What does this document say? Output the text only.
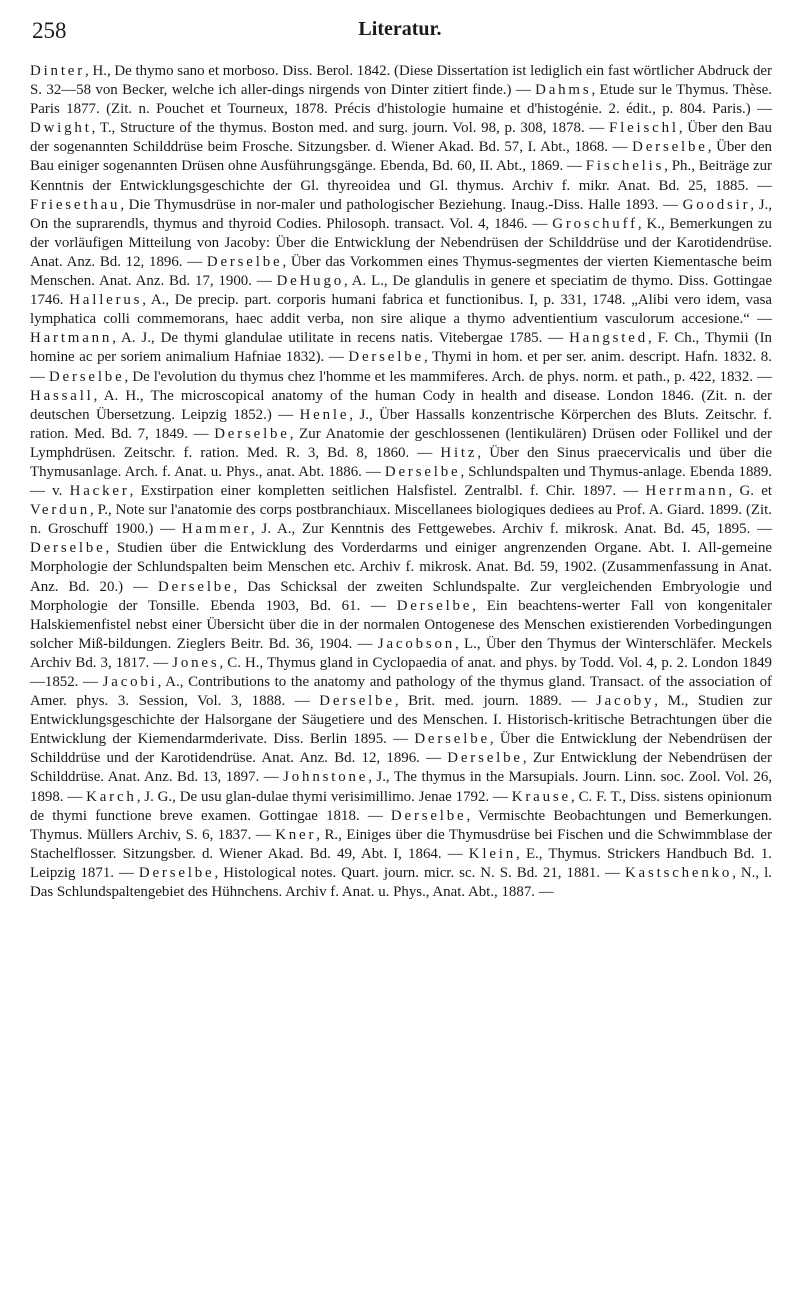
258	Literatur.
Dinter, H., De thymo sano et morboso. Diss. Berol. 1842. (Diese Dissertation ist lediglich ein fast wörtlicher Abdruck der S. 32—58 von Becker, welche ich aller-dings nirgends von Dinter zitiert finde.) — Dahms, Etude sur le Thymus. Thèse. Paris 1877. (Zit. n. Pouchet et Tourneux, 1878. Précis d'histologie humaine et d'histogénie. 2. édit., p. 804. Paris.) — Dwight, T., Structure of the thymus. Boston med. and surg. journ. Vol. 98, p. 308, 1878. — Fleischl, Über den Bau der sogenannten Schilddrüse beim Frosche. Sitzungsber. d. Wiener Akad. Bd. 57, I. Abt., 1868. — Derselbe, Über den Bau einiger sogenannten Drüsen ohne Ausführungsgänge. Ebenda, Bd. 60, II. Abt., 1869. — Fischelis, Ph., Beiträge zur Kenntnis der Entwicklungsgeschichte der Gl. thyreoidea und Gl. thymus. Archiv f. mikr. Anat. Bd. 25, 1885. — Friesethau, Die Thymusdrüse in nor-maler und pathologischer Beziehung. Inaug.-Diss. Halle 1893. — Goodsir, J., On the suprarendls, thymus and thyroid Codies. Philosoph. transact. Vol. 4, 1846. — Groschuff, K., Bemerkungen zu der vorläufigen Mitteilung von Jacoby: Über die Entwicklung der Nebendrüsen der Schilddrüse und der Karotidendrüse. Anat. Anz. Bd. 12, 1896. — Derselbe, Über das Vorkommen eines Thymus-segmentes der vierten Kiementasche beim Menschen. Anat. Anz. Bd. 17, 1900. — DeHugo, A. L., De glandulis in genere et speciatim de thymo. Diss. Gottingae 1746. Hallerus, A., De precip. part. corporis humani fabrica et functionibus. I, p. 331, 1748. „Alibi vero idem, vasa lymphatica colli commemorans, haec addit verba, non sire alique a thymo adventientium vasculorum accesione.“ — Hartmann, A. J., De thymi glandulae utilitate in recens natis. Vitebergae 1785. — Hangsted, F. Ch., Thymii (In homine ac per soriem animalium Hafniae 1832). — Derselbe, Thymi in hom. et per ser. anim. descript. Hafn. 1832. 8. — Derselbe, De l'evolution du thymus chez l'homme et les mammiferes. Arch. de phys. norm. et path., p. 422, 1832. — Hassall, A. H., The microscopical anatomy of the human Cody in health and disease. London 1846. (Zit. n. der deutschen Übersetzung. Leipzig 1852.) — Henle, J., Über Hassalls konzentrische Körperchen des Bluts. Zeitschr. f. ration. Med. Bd. 7, 1849. — Derselbe, Zur Anatomie der geschlossenen (lentikulären) Drüsen oder Follikel und der Lymphdrüsen. Zeitschr. f. ration. Med. R. 3, Bd. 8, 1860. — Hitz, Über den Sinus praecervicalis und über die Thymusanlage. Arch. f. Anat. u. Phys., anat. Abt. 1886. — Derselbe, Schlundspalten und Thymus-anlage. Ebenda 1889. — v. Hacker, Exstirpation einer kompletten seitlichen Halsfistel. Zentralbl. f. Chir. 1897. — Herrmann, G. et Verdun, P., Note sur l'anatomie des corps postbranchiaux. Miscellanees biologiques dediees au Prof. A. Giard. 1899. (Zit. n. Groschuff 1900.) — Hammer, J. A., Zur Kenntnis des Fettgewebes. Archiv f. mikrosk. Anat. Bd. 45, 1895. — Derselbe, Studien über die Entwicklung des Vorderdarms und einiger angrenzenden Organe. Abt. I. All-gemeine Morphologie der Schlundspalten beim Menschen etc. Archiv f. mikrosk. Anat. Bd. 59, 1902. (Zusammenfassung in Anat. Anz. Bd. 20.) — Derselbe, Das Schicksal der zweiten Schlundspalte. Zur vergleichenden Embryologie und Morphologie der Tonsille. Ebenda 1903, Bd. 61. — Derselbe, Ein beachtens-werter Fall von kongenitaler Halskiemenfistel nebst einer Übersicht über die in der normalen Ontogenese des Menschen existierenden Vorbedingungen solcher Miß-bildungen. Zieglers Beitr. Bd. 36, 1904. — Jacobson, L., Über den Thymus der Winterschläfer. Meckels Archiv Bd. 3, 1817. — Jones, C. H., Thymus gland in Cyclopaedia of anat. and phys. by Todd. Vol. 4, p. 2. London 1849—1852. — Jacobi, A., Contributions to the anatomy and pathology of the thymus gland. Transact. of the association of Amer. phys. 3. Session, Vol. 3, 1888. — Derselbe, Brit. med. journ. 1889. — Jacoby, M., Studien zur Entwicklungsgeschichte der Halsorgane der Säugetiere und des Menschen. I. Historisch-kritische Betrachtungen über die Entwicklung der Kiemendarmderivate. Diss. Berlin 1895. — Derselbe, Über die Entwicklung der Nebendrüsen der Schilddrüse und der Karotidendrüse. Anat. Anz. Bd. 12, 1896. — Derselbe, Zur Entwicklung der Nebendrüsen der Schilddrüse. Anat. Anz. Bd. 13, 1897. — Johnstone, J., The thymus in the Marsupials. Journ. Linn. soc. Zool. Vol. 26, 1898. — Karch, J. G., De usu glan-dulae thymi verisimillimo. Jenae 1792. — Krause, C. F. T., Diss. sistens opinionum de thymi functione breve examen. Gottingae 1818. — Derselbe, Vermischte Beobachtungen und Bemerkungen. Thymus. Müllers Archiv, S. 6, 1837. — Kner, R., Einiges über die Thymusdrüse bei Fischen und die Schwimmblase der Stachelflosser. Sitzungsber. d. Wiener Akad. Bd. 49, Abt. I, 1864. — Klein, E., Thymus. Strickers Handbuch Bd. 1. Leipzig 1871. — Derselbe, Histological notes. Quart. journ. micr. sc. N. S. Bd. 21, 1881. — Kastschenko, N., l. Das Schlundspaltengebiet des Hühnchens. Archiv f. Anat. u. Phys., Anat. Abt., 1887. —
